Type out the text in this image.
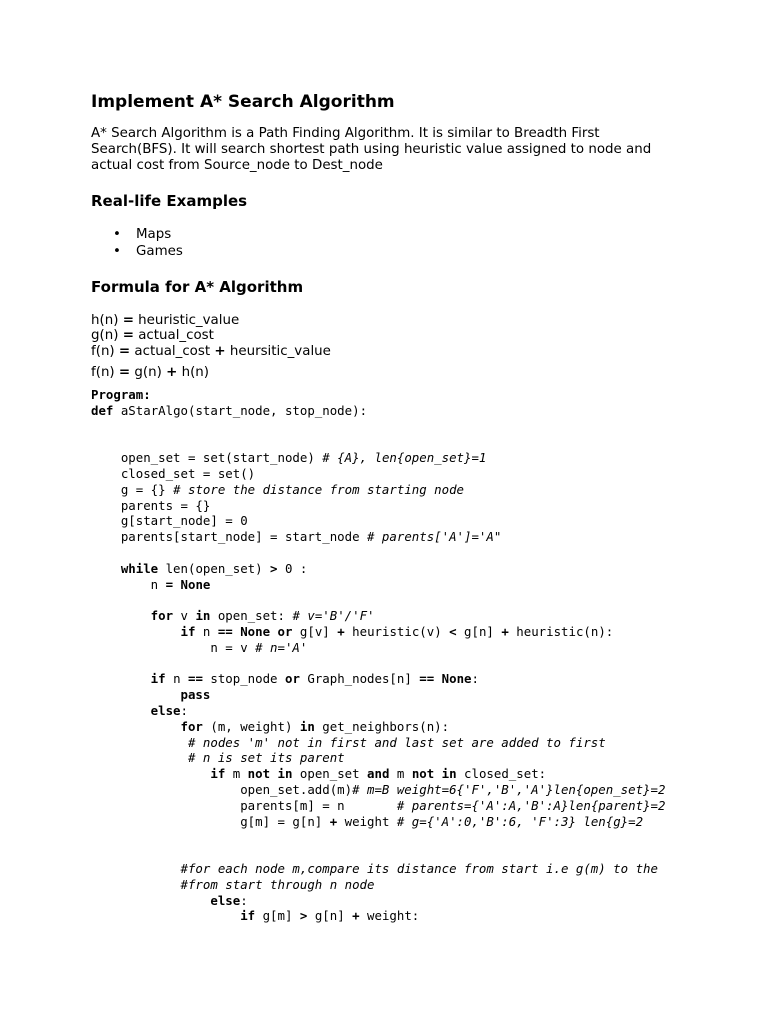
Implement A* Search Algorithm

A* Search Algorithm is a Path Finding Algorithm. It is similar to Breadth First
Search(BFS). It will search shortest path using heuristic value assigned to node and
actual cost from Source_node to Dest_node

Real-life Examples
• Maps
• Games
Formula for A* Algorithm
h(n) = heuristic_value
g(n) = actual_cost
f(n) = actual_cost + heursitic_value
f(n) = g(n) + h(n)
Program:
def aStarAlgo(start_node, stop_node):
open_set = set(start_node) # {A}, len{open_set}=1
closed_set = set()
g = {} # store the distance from starting node
parents = {}
g[start_node] = 0
parents[start_node] = start_node # parents['A']='A"
while len(open_set) > 0 :
n = None
for v in open_set: # v='B'/'F'
if n == None or g[v] + heuristic(v) < g[n] + heuristic(n):
n = v # n='A'
if n == stop_node or Graph_nodes[n] == None:
pass
else:
for (m, weight) in get_neighbors(n):
# nodes 'm' not in first and last set are added to first
# n is set its parent
if m not in open_set and m not in closed_set:
open_set.add(m)# m=B weight=6{'F','B','A'}len{open_set}=2
parents[m] = n       # parents={'A':A,'B':A}len{parent}=2
g[m] = g[n] + weight # g={'A':0,'B':6, 'F':3} len{g}=2
#for each node m,compare its distance from start i.e g(m) to the
#from start through n node
else:
if g[m] > g[n] + weight:
